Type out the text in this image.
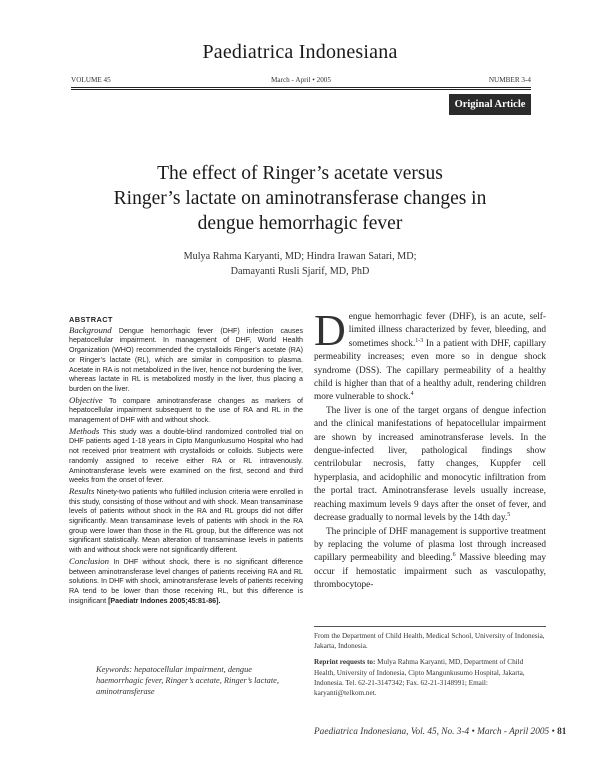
Paediatrica Indonesiana
VOLUME 45	March - April • 2005	NUMBER 3-4
Original Article
The effect of Ringer’s acetate versus
Ringer’s lactate on aminotransferase changes in
dengue hemorrhagic fever
Mulya Rahma Karyanti, MD; Hindra Irawan Satari, MD;
Damayanti Rusli Sjarif, MD, PhD
ABSTRACT

Background Dengue hemorrhagic fever (DHF) infection causes hepatocellular impairment. In management of DHF, World Health Organization (WHO) recommended the crystalloids Ringer’s acetate (RA) or Ringer’s lactate (RL), which are similar in composition to plasma. Acetate in RA is not metabolized in the liver, hence not burdening the liver, whereas lactate in RL is metabolized mostly in the liver, thus placing a burden on the liver.

Objective To compare aminotransferase changes as markers of hepatocellular impairment subsequent to the use of RA and RL in the management of DHF with and without shock.

Methods This study was a double-blind randomized controlled trial on DHF patients aged 1-18 years in Cipto Mangunkusumo Hospital who had not received prior treatment with crystalloids or colloids. Subjects were randomly assigned to receive either RA or RL intravenously. Aminotransferase levels were examined on the first, second and third weeks from the onset of fever.

Results Ninety-two patients who fulfilled inclusion criteria were enrolled in this study, consisting of those without and with shock. Mean transaminase levels of patients without shock in the RA and RL groups did not differ significantly. Mean transaminase levels of patients with shock in the RA group were lower than those in the RL group, but the difference was not significant statistically. Mean alteration of transaminase levels in patients with and without shock were not significantly different.

Conclusion In DHF without shock, there is no significant difference between aminotransferase level changes of patients receiving RA and RL solutions. In DHF with shock, aminotransferase levels of patients receiving RA tend to be lower than those receiving RL, but this difference is insignificant [Paediatr Indones 2005;45:81-86].

Keywords: hepatocellular impairment, dengue haemorrhagic fever, Ringer’s acetate, Ringer’s lactate, aminotransferase

Dengue hemorrhagic fever (DHF), is an acute, self-limited illness characterized by fever, bleeding, and sometimes shock.$^{1-3}$ In a patient with DHF, capillary permeability increases; even more so in dengue shock syndrome (DSS). The capillary permeability of a healthy child is higher than that of a healthy adult, rendering children more vulnerable to shock.$^4$

The liver is one of the target organs of dengue infection and the clinical manifestations of hepatocellular impairment are shown by increased aminotransferase levels. In the dengue-infected liver, pathological findings show centrilobular necrosis, fatty changes, Kuppfer cell hyperplasia, and acidophilic and monocytic infiltration from the portal tract. Aminotransferase levels usually increase, reaching maximum levels 9 days after the onset of fever, and decrease gradually to normal levels by the 14th day.$^5$

The principle of DHF management is supportive treatment by replacing the volume of plasma lost through increased capillary permeability and bleeding.$^6$ Massive bleeding may occur if hemostatic impairment such as vasculopathy, thrombocytope-

From the Department of Child Health, Medical School, University of Indonesia, Jakarta, Indonesia.

Reprint requests to: Mulya Rahma Karyanti, MD, Department of Child Health, University of Indonesia, Cipto Mangunkusumo Hospital, Jakarta, Indonesia. Tel. 62-21-3147342; Fax. 62-21-3148991; Email: karyanti@telkom.net.

Paediatrica Indonesiana, Vol. 45, No. 3-4 • March - April 2005 • 81
